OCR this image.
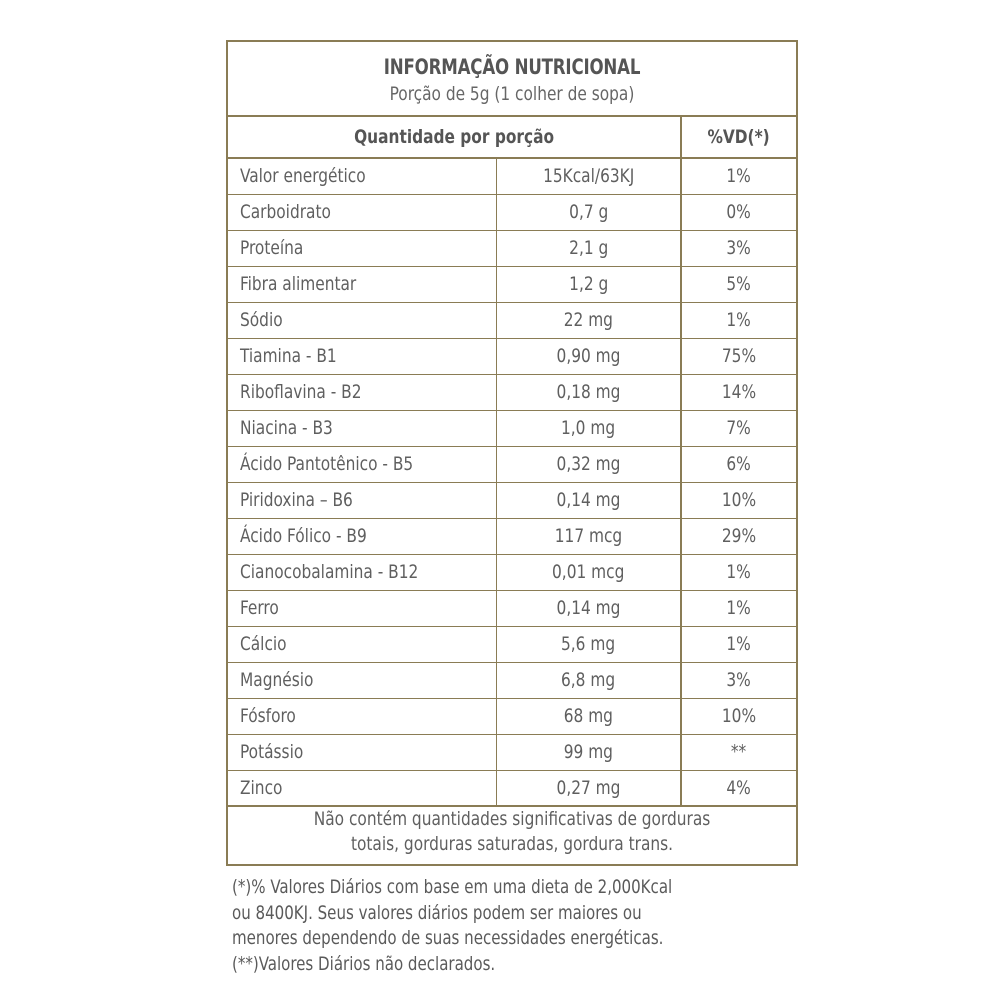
INFORMAÇÃO NUTRICIONAL
Porção de 5g (1 colher de sopa)
Quantidade por porção	%VD(*)
Valor energético	15Kcal/63KJ	1%
Carboidrato	0,7 g	0%
Proteína	2,1 g	3%
Fibra alimentar	1,2 g	5%
Sódio	22 mg	1%
Tiamina - B1	0,90 mg	75%
Riboflavina - B2	0,18 mg	14%
Niacina - B3	1,0 mg	7%
Ácido Pantotênico - B5	0,32 mg	6%
Piridoxina – B6	0,14 mg	10%
Ácido Fólico - B9	117 mcg	29%
Cianocobalamina - B12	0,01 mcg	1%
Ferro	0,14 mg	1%
Cálcio	5,6 mg	1%
Magnésio	6,8 mg	3%
Fósforo	68 mg	10%
Potássio	99 mg	**
Zinco	0,27 mg	4%
Não contém quantidades significativas de gorduras
totais, gorduras saturadas, gordura trans.
(*)% Valores Diários com base em uma dieta de 2,000Kcal
ou 8400KJ. Seus valores diários podem ser maiores ou
menores dependendo de suas necessidades energéticas.
(**)Valores Diários não declarados.
